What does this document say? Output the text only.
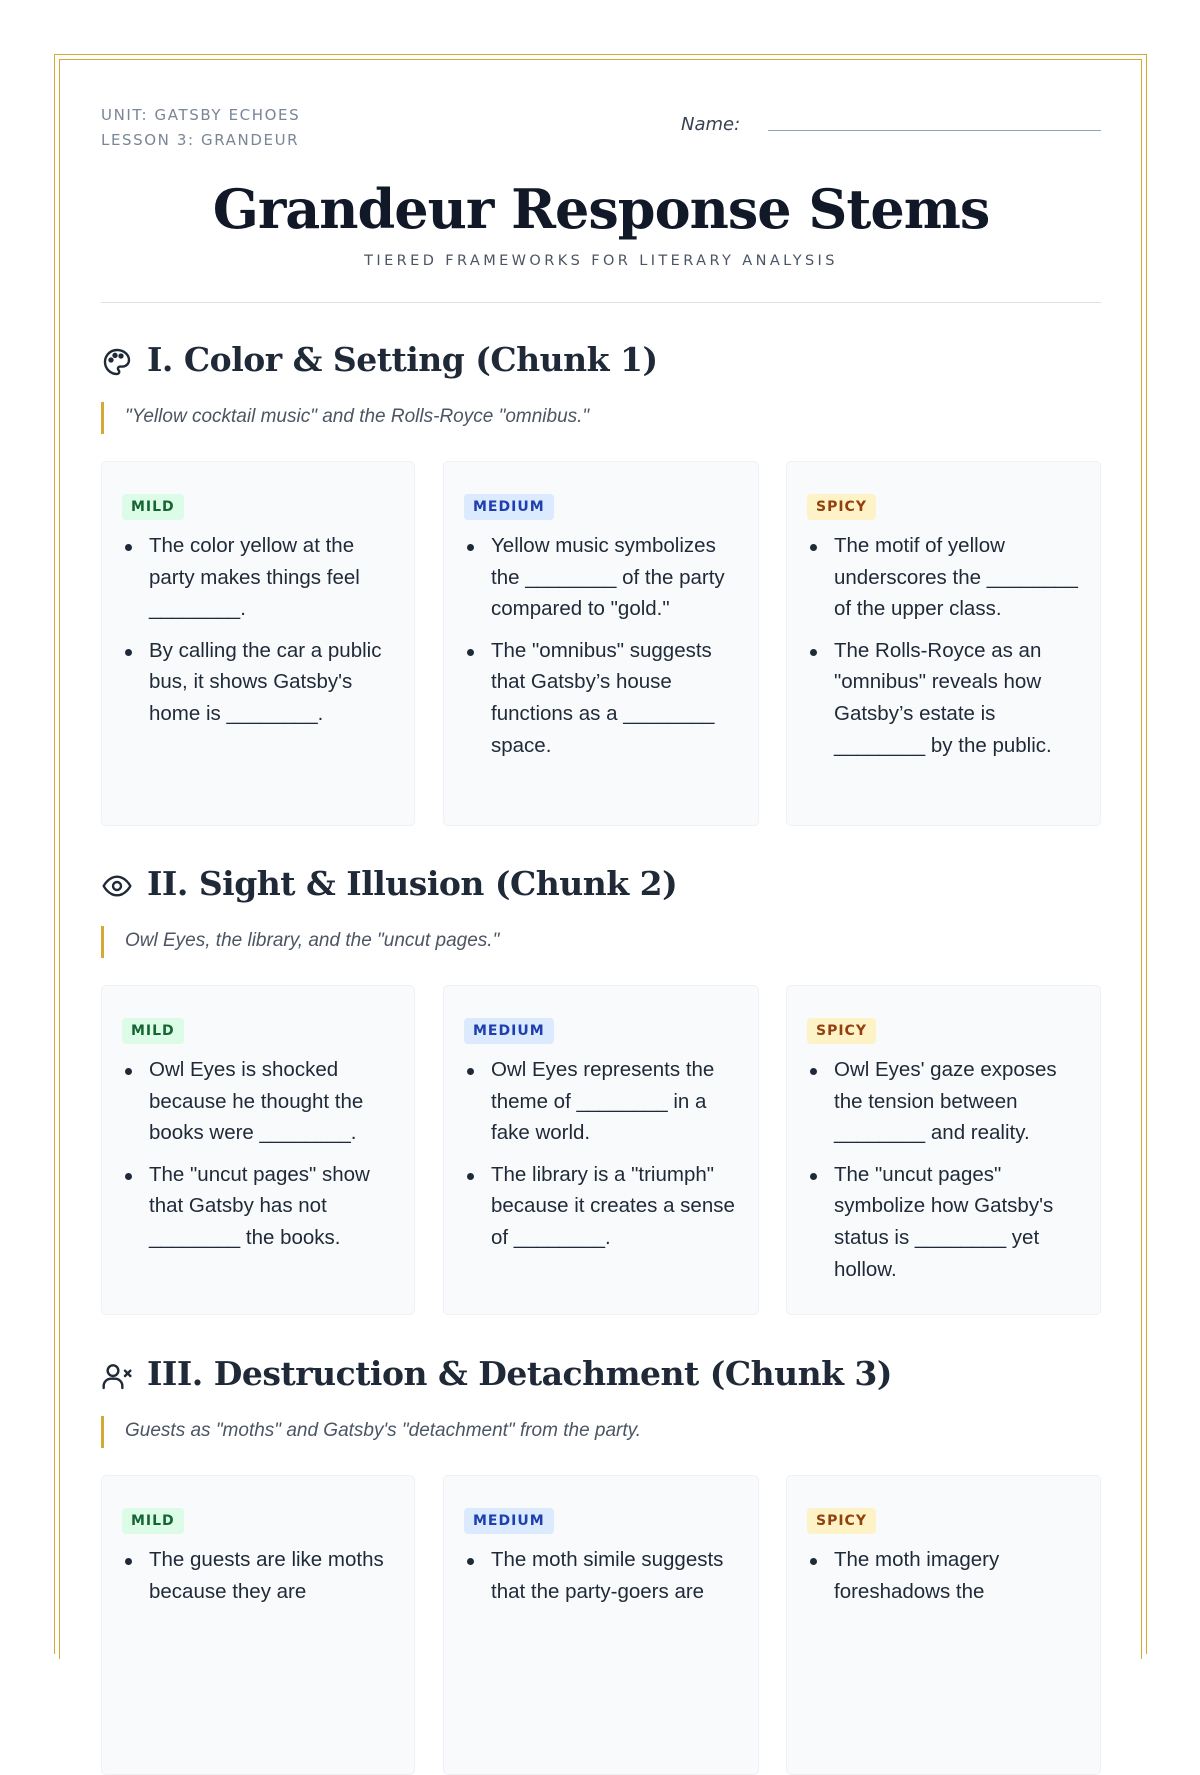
UNIT: GATSBY ECHOES
LESSON 3: GRANDEUR
Name:
Grandeur Response Stems
TIERED FRAMEWORKS FOR LITERARY ANALYSIS
I. Color & Setting (Chunk 1)
"Yellow cocktail music" and the Rolls-Royce "omnibus."
MILD
The color yellow at the party makes things feel ________.
By calling the car a public bus, it shows Gatsby's home is ________.
MEDIUM
Yellow music symbolizes the ________ of the party compared to "gold."
The "omnibus" suggests that Gatsby’s house functions as a ________ space.
SPICY
The motif of yellow underscores the ________ of the upper class.
The Rolls-Royce as an "omnibus" reveals how Gatsby’s estate is ________ by the public.
II. Sight & Illusion (Chunk 2)
Owl Eyes, the library, and the "uncut pages."
MILD
Owl Eyes is shocked because he thought the books were ________.
The "uncut pages" show that Gatsby has not ________ the books.
MEDIUM
Owl Eyes represents the theme of ________ in a fake world.
The library is a "triumph" because it creates a sense of ________.
SPICY
Owl Eyes' gaze exposes the tension between ________ and reality.
The "uncut pages" symbolize how Gatsby's status is ________ yet hollow.
III. Destruction & Detachment (Chunk 3)
Guests as "moths" and Gatsby's "detachment" from the party.
MILD
The guests are like moths because they are
MEDIUM
The moth simile suggests that the party-goers are
SPICY
The moth imagery foreshadows the
